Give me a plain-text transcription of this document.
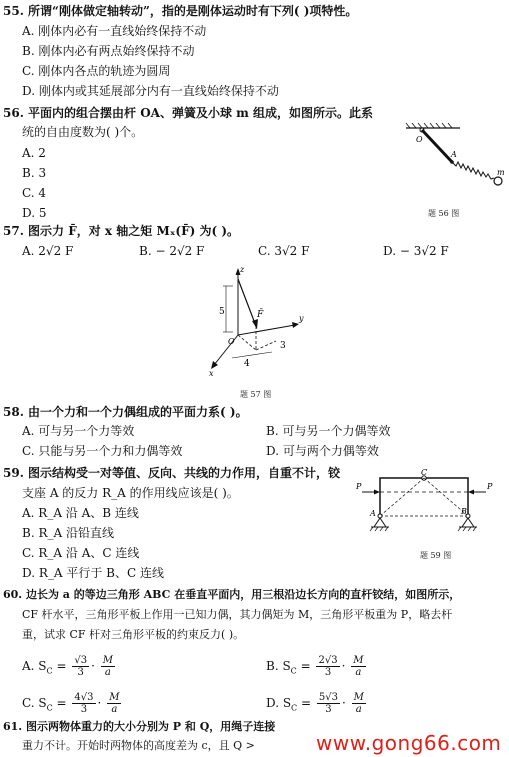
55. 所谓“刚体做定轴转动”，指的是刚体运动时有下列( )项特性。
A. 刚体内必有一直线始终保持不动
B. 刚体内必有两点始终保持不动
C. 刚体内各点的轨迹为圆周
D. 刚体内或其延展部分内有一直线始终保持不动
56. 平面内的组合摆由杆 OA、弹簧及小球 m 组成，如图所示。此系
统的自由度数为( )个。
A. 2
B. 3
C. 4
D. 5
O
A
m
题 56 图
57. 图示力 F̄，对 x 轴之矩 Mₓ(F̄) 为( )。
A. 2√2 F	B. − 2√2 F	C. 3√2 F	D. − 3√2 F
z
y
x
F̄
O
5
4
3
题 57 图
58. 由一个力和一个力偶组成的平面力系( )。
A. 可与另一个力等效	B. 可与另一个力偶等效
C. 只能与另一个力和力偶等效	D. 可与两个力偶等效
59. 图示结构受一对等值、反向、共线的力作用，自重不计，铰
支座 A 的反力 R_A 的作用线应该是( )。
A. R_A 沿 A、B 连线
B. R_A 沿铅直线
C. R_A 沿 A、C 连线
D. R_A 平行于 B、C 连线
P	P
C
A	B
题 59 图
60. 边长为 a 的等边三角形 ABC 在垂直平面内，用三根沿边长方向的直杆铰结，如图所示，
CF 杆水平，三角形平板上作用一已知力偶，其力偶矩为 M，三角形平板重为 P，略去杆
重，试求 CF 杆对三角形平板的约束反力( )。
A. $S_C = \frac{√3}{3} \cdot \frac{M}{a}$	B. $S_C = \frac{2√3}{3} \cdot \frac{M}{a}$
C. $S_C = \frac{4√3}{3} \cdot \frac{M}{a}$	D. $S_C = \frac{5√3}{3} \cdot \frac{M}{a}$
61. 图示两物体重力的大小分别为 P 和 Q，用绳子连接
重力不计。开始时两物体的高度差为 c，且 Q >	www.gong66.com
